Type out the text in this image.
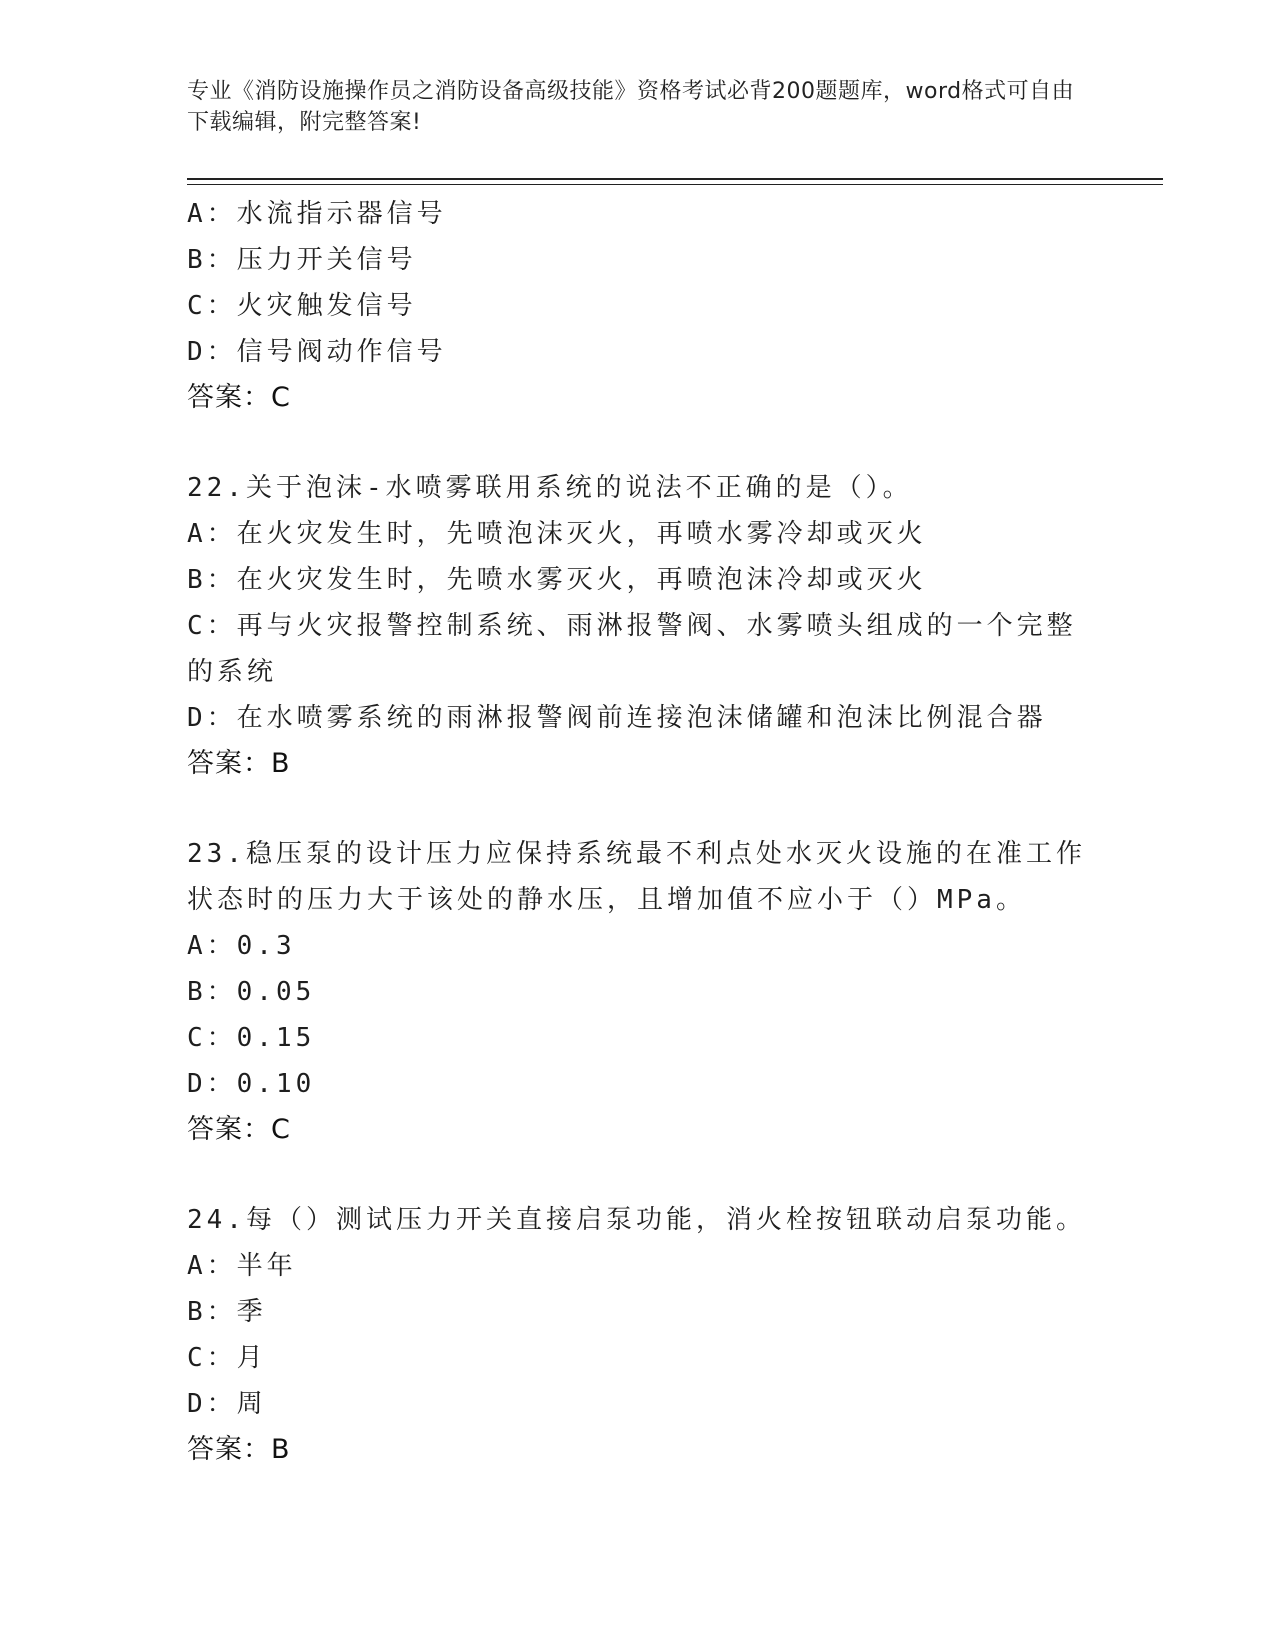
专业《消防设施操作员之消防设备高级技能》资格考试必背200题题库，word格式可自由下载编辑，附完整答案!
A：水流指示器信号
B：压力开关信号
C：火灾触发信号
D：信号阀动作信号
答案：C
22.关于泡沫-水喷雾联用系统的说法不正确的是（）。
A：在火灾发生时，先喷泡沫灭火，再喷水雾冷却或灭火
B：在火灾发生时，先喷水雾灭火，再喷泡沫冷却或灭火
C：再与火灾报警控制系统、雨淋报警阀、水雾喷头组成的一个完整的系统
D：在水喷雾系统的雨淋报警阀前连接泡沫储罐和泡沫比例混合器
答案：B
23.稳压泵的设计压力应保持系统最不利点处水灭火设施的在准工作状态时的压力大于该处的静水压，且增加值不应小于（）MPa。
A：0.3
B：0.05
C：0.15
D：0.10
答案：C
24.每（）测试压力开关直接启泵功能，消火栓按钮联动启泵功能。
A：半年
B：季
C：月
D：周
答案：B
